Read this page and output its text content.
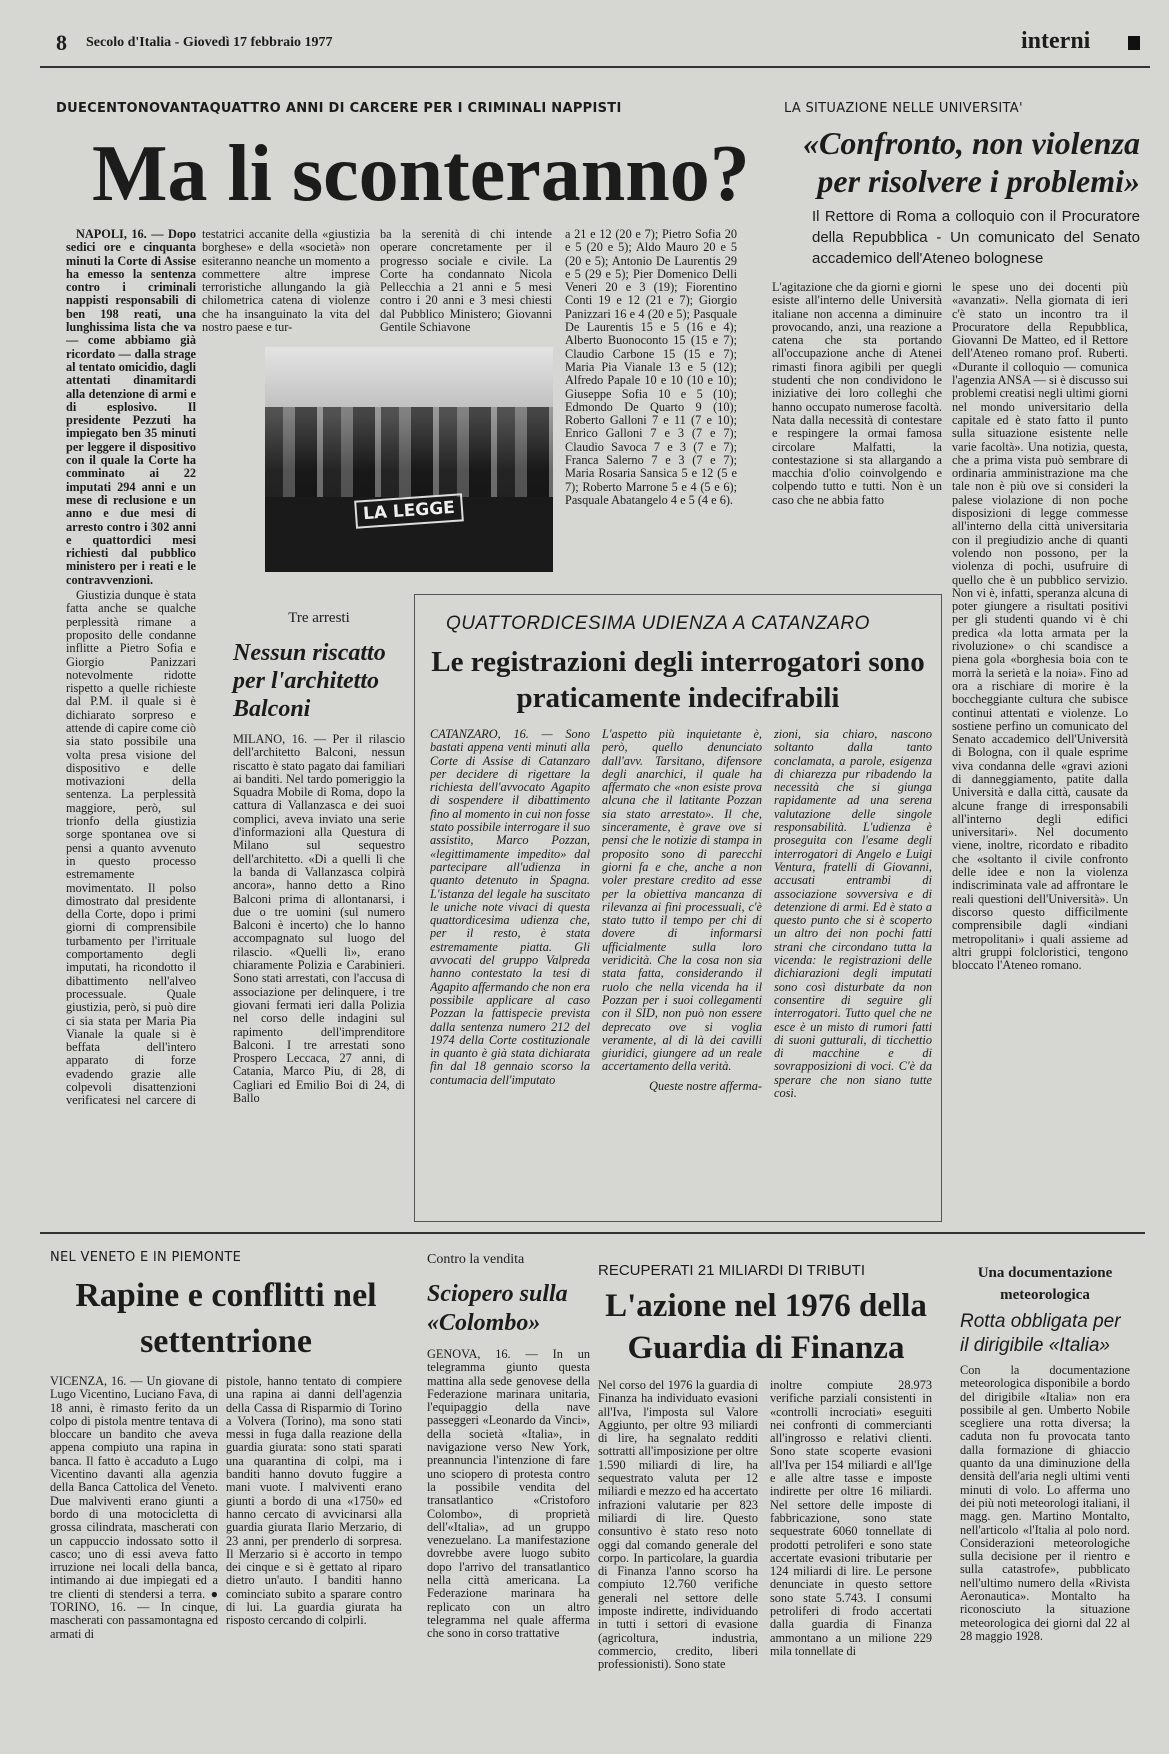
8 Secolo d'Italia - Giovedì 17 febbraio 1977	interni
DUECENTONOVANTAQUATTRO ANNI DI CARCERE PER I CRIMINALI NAPPISTI
Ma li sconteranno?

NAPOLI, 16. — Dopo sedici ore e cinquanta minuti la Corte di Assise ha emesso la sentenza contro i criminali nappisti responsabili di ben 198 reati, una lunghissima lista che va — come abbiamo già ricordato — dalla strage al tentato omicidio, dagli attentati dinamitardi alla detenzione di armi e di esplosivo. Il presidente Pezzuti ha impiegato ben 35 minuti per leggere il dispositivo con il quale la Corte ha comminato ai 22 imputati 294 anni e un mese di reclusione e un anno e due mesi di arresto contro i 302 anni e quattordici mesi richiesti dal pubblico ministero per i reati e le contravvenzioni.

Giustizia dunque è stata fatta anche se qualche perplessità rimane a proposito delle condanne inflitte a Pietro Sofia e Giorgio Panizzari notevolmente ridotte rispetto a quelle richieste dal P.M. il quale si è dichiarato sorpreso e attende di capire come ciò sia stato possibile una volta presa visione del dispositivo e delle motivazioni della sentenza. La perplessità maggiore, però, sul trionfo della giustizia sorge spontanea ove si pensi a quanto avvenuto in questo processo estremamente movimentato. Il polso dimostrato dal presidente della Corte, dopo i primi giorni di comprensibile turbamento per l'irrituale comportamento degli imputati, ha ricondotto il dibattimento nell'alveo processuale. Quale giustizia, però, si può dire ci sia stata per Maria Pia Vianale la quale si è beffata dell'intero apparato di forze evadendo grazie alle colpevoli disattenzioni verificatesi nel carcere di

testatrici accanite della «giustizia borghese» e della «società» non esiteranno neanche un momento a commettere altre imprese terroristiche allungando la già chilometrica catena di violenze che ha insanguinato la vita del nostro paese e tur-
ba la serenità di chi intende operare concretamente per il progresso sociale e civile. La Corte ha condannato Nicola Pellecchia a 21 anni e 5 mesi contro i 20 anni e 3 mesi chiesti dal Pubblico Ministero; Giovanni Gentile Schiavone
a 21 e 12 (20 e 7); Pietro Sofia 20 e 5 (20 e 5); Aldo Mauro 20 e 5 (20 e 5); Antonio De Laurentis 29 e 5 (29 e 5); Pier Domenico Delli Veneri 20 e 3 (19); Fiorentino Conti 19 e 12 (21 e 7); Giorgio Panizzari 16 e 4 (20 e 5); Pasquale De Laurentis 15 e 5 (16 e 4); Alberto Buonoconto 15 (15 e 7); Claudio Carbone 15 (15 e 7); Maria Pia Vianale 13 e 5 (12); Alfredo Papale 10 e 10 (10 e 10); Giuseppe Sofia 10 e 5 (10); Edmondo De Quarto 9 (10); Roberto Galloni 7 e 11 (7 e 10); Enrico Galloni 7 e 3 (7 e 7); Claudio Savoca 7 e 3 (7 e 7); Franca Salerno 7 e 3 (7 e 7); Maria Rosaria Sansica 5 e 12 (5 e 7); Roberto Marrone 5 e 4 (5 e 6); Pasquale Abatangelo 4 e 5 (4 e 6).
LA LEGGE
LA SITUAZIONE NELLE UNIVERSITA'
«Confronto, non violenza per risolvere i problemi»
Il Rettore di Roma a colloquio con il Procuratore della Repubblica - Un comunicato del Senato accademico dell'Ateneo bolognese
L'agitazione che da giorni e giorni esiste all'interno delle Università italiane non accenna a diminuire provocando, anzi, una reazione a catena che sta portando all'occupazione anche di Atenei rimasti finora agibili per quegli studenti che non condividono le iniziative dei loro colleghi che hanno occupato numerose facoltà. Nata dalla necessità di contestare e respingere la ormai famosa circolare Malfatti, la contestazione si sta allargando a macchia d'olio coinvolgendo e colpendo tutto e tutti. Non è un caso che ne abbia fatto
le spese uno dei docenti più «avanzati». Nella giornata di ieri c'è stato un incontro tra il Procuratore della Repubblica, Giovanni De Matteo, ed il Rettore dell'Ateneo romano prof. Ruberti. «Durante il colloquio — comunica l'agenzia ANSA — si è discusso sui problemi creatisi negli ultimi giorni nel mondo universitario della capitale ed è stato fatto il punto sulla situazione esistente nelle varie facoltà». Una notizia, questa, che a prima vista può sembrare di ordinaria amministrazione ma che tale non è più ove si consideri la palese violazione di non poche disposizioni di legge commesse all'interno della città universitaria con il pregiudizio anche di quanti volendo non possono, per la violenza di pochi, usufruire di quello che è un pubblico servizio. Non vi è, infatti, speranza alcuna di poter giungere a risultati positivi per gli studenti quando vi è chi predica «la lotta armata per la rivoluzione» o chi scandisce a piena gola «borghesia boia con te morrà la serietà e la noia». Fino ad ora a rischiare di morire è la boccheggiante cultura che subisce continui attentati e violenze. Lo sostiene perfino un comunicato del Senato accademico dell'Università di Bologna, con il quale esprime viva condanna delle «gravi azioni di danneggiamento, patite dalla Università e dalla città, causate da alcune frange di irresponsabili all'interno degli edifici universitari». Nel documento viene, inoltre, ricordato e ribadito che «soltanto il civile confronto delle idee e non la violenza indiscriminata vale ad affrontare le reali questioni dell'Università». Un discorso questo difficilmente comprensibile dagli «indiani metropolitani» i quali assieme ad altri gruppi folcloristici, tengono bloccato l'Ateneo romano.
Tre arresti
Nessun riscatto per l'architetto Balconi
MILANO, 16. — Per il rilascio dell'architetto Balconi, nessun riscatto è stato pagato dai familiari ai banditi. Nel tardo pomeriggio la Squadra Mobile di Roma, dopo la cattura di Vallanzasca e dei suoi complici, aveva inviato una serie d'informazioni alla Questura di Milano sul sequestro dell'architetto. «Di a quelli lì che la banda di Vallanzasca colpirà ancora», hanno detto a Rino Balconi prima di allontanarsi, i due o tre uomini (sul numero Balconi è incerto) che lo hanno accompagnato sul luogo del rilascio. «Quelli lì», erano chiaramente Polizia e Carabinieri. Sono stati arrestati, con l'accusa di associazione per delinquere, i tre giovani fermati ieri dalla Polizia nel corso delle indagini sul rapimento dell'imprenditore Balconi. I tre arrestati sono Prospero Leccaca, 27 anni, di Catania, Marco Piu, di 28, di Cagliari ed Emilio Boi di 24, di Ballo
QUATTORDICESIMA UDIENZA A CATANZARO
Le registrazioni degli interrogatori sono praticamente indecifrabili
CATANZARO, 16. — Sono bastati appena venti minuti alla Corte di Assise di Catanzaro per decidere di rigettare la richiesta dell'avvocato Agapito di sospendere il dibattimento fino al momento in cui non fosse stato possibile interrogare il suo assistito, Marco Pozzan, «legittimamente impedito» dal partecipare all'udienza in quanto detenuto in Spagna. L'istanza del legale ha suscitato le uniche note vivaci di questa quattordicesima udienza che, per il resto, è stata estremamente piatta. Gli avvocati del gruppo Valpreda hanno contestato la tesi di Agapito affermando che non era possibile applicare al caso Pozzan la fattispecie prevista dalla sentenza numero 212 del 1974 della Corte costituzionale in quanto è già stata dichiarata fin dal 18 gennaio scorso la contumacia dell'imputato
L'aspetto più inquietante è, però, quello denunciato dall'avv. Tarsitano, difensore degli anarchici, il quale ha affermato che «non esiste prova alcuna che il latitante Pozzan sia stato arrestato». Il che, sinceramente, è grave ove si pensi che le notizie di stampa in proposito sono di parecchi giorni fa e che, anche a non voler prestare credito ad esse per la obiettiva mancanza di rilevanza ai fini processuali, c'è stato tutto il tempo per chi di dovere di informarsi ufficialmente sulla loro veridicità. Che la cosa non sia stata fatta, considerando il ruolo che nella vicenda ha il Pozzan per i suoi collegamenti con il SID, non può non essere deprecato ove si voglia veramente, al di là dei cavilli giuridici, giungere ad un reale accertamento della verità.

Queste nostre afferma-

zioni, sia chiaro, nascono soltanto dalla tanto conclamata, a parole, esigenza di chiarezza pur ribadendo la necessità che si giunga rapidamente ad una serena valutazione delle singole responsabilità. L'udienza è proseguita con l'esame degli interrogatori di Angelo e Luigi Ventura, fratelli di Giovanni, accusati entrambi di associazione sovversiva e di detenzione di armi. Ed è stato a questo punto che si è scoperto un altro dei non pochi fatti strani che circondano tutta la vicenda: le registrazioni delle dichiarazioni degli imputati sono così disturbate da non consentire di seguire gli interrogatori. Tutto quel che ne esce è un misto di rumori fatti di suoni gutturali, di ticchettio di macchine e di sovrapposizioni di voci. C'è da sperare che non siano tutte così.
NEL VENETO E IN PIEMONTE
Rapine e conflitti nel settentrione
VICENZA, 16. — Un giovane di Lugo Vicentino, Luciano Fava, di 18 anni, è rimasto ferito da un colpo di pistola mentre tentava di bloccare un bandito che aveva appena compiuto una rapina in banca. Il fatto è accaduto a Lugo Vicentino davanti alla agenzia della Banca Cattolica del Veneto. Due malviventi erano giunti a bordo di una motocicletta di grossa cilindrata, mascherati con un cappuccio indossato sotto il casco; uno di essi aveva fatto irruzione nei locali della banca, intimando ai due impiegati ed a tre clienti di stendersi a terra. ● TORINO, 16. — In cinque, mascherati con passamontagna ed armati di
pistole, hanno tentato di compiere una rapina ai danni dell'agenzia della Cassa di Risparmio di Torino a Volvera (Torino), ma sono stati messi in fuga dalla reazione della guardia giurata: sono stati sparati una quarantina di colpi, ma i banditi hanno dovuto fuggire a mani vuote. I malviventi erano giunti a bordo di una «1750» ed hanno cercato di avvicinarsi alla guardia giurata Ilario Merzario, di 23 anni, per prenderlo di sorpresa. Il Merzario si è accorto in tempo dei cinque e si è gettato al riparo dietro un'auto. I banditi hanno cominciato subito a sparare contro di lui. La guardia giurata ha risposto cercando di colpirli.
Contro la vendita
Sciopero sulla «Colombo»
GENOVA, 16. — In un telegramma giunto questa mattina alla sede genovese della Federazione marinara unitaria, l'equipaggio della nave passeggeri «Leonardo da Vinci», della società «Italia», in navigazione verso New York, preannuncia l'intenzione di fare uno sciopero di protesta contro la possibile vendita del transatlantico «Cristoforo Colombo», di proprietà dell'«Italia», ad un gruppo venezuelano. La manifestazione dovrebbe avere luogo subito dopo l'arrivo del transatlantico nella città americana. La Federazione marinara ha replicato con un altro telegramma nel quale afferma che sono in corso trattative
RECUPERATI 21 MILIARDI DI TRIBUTI
L'azione nel 1976 della Guardia di Finanza
Nel corso del 1976 la guardia di Finanza ha individuato evasioni all'Iva, l'imposta sul Valore Aggiunto, per oltre 93 miliardi di lire, ha segnalato redditi sottratti all'imposizione per oltre 1.590 miliardi di lire, ha sequestrato valuta per 12 miliardi e mezzo ed ha accertato infrazioni valutarie per 823 miliardi di lire. Questo consuntivo è stato reso noto oggi dal comando generale del corpo. In particolare, la guardia di Finanza l'anno scorso ha compiuto 12.760 verifiche generali nel settore delle imposte indirette, individuando in tutti i settori di evasione (agricoltura, industria, commercio, credito, liberi professionisti). Sono state
inoltre compiute 28.973 verifiche parziali consistenti in «controlli incrociati» eseguiti nei confronti di commercianti all'ingrosso e relativi clienti. Sono state scoperte evasioni all'Iva per 154 miliardi e all'Ige e alle altre tasse e imposte indirette per oltre 16 miliardi. Nel settore delle imposte di fabbricazione, sono state sequestrate 6060 tonnellate di prodotti petroliferi e sono state accertate evasioni tributarie per 124 miliardi di lire. Le persone denunciate in questo settore sono state 5.743. I consumi petroliferi di frodo accertati dalla guardia di Finanza ammontano a un milione 229 mila tonnellate di
Una documentazione meteorologica
Rotta obbligata per il dirigibile «Italia»
Con la documentazione meteorologica disponibile a bordo del dirigibile «Italia» non era possibile al gen. Umberto Nobile scegliere una rotta diversa; la caduta non fu provocata tanto dalla formazione di ghiaccio quanto da una diminuzione della densità dell'aria negli ultimi venti minuti di volo. Lo afferma uno dei più noti meteorologi italiani, il magg. gen. Martino Montalto, nell'articolo «l'Italia al polo nord. Considerazioni meteorologiche sulla decisione per il rientro e sulla catastrofe», pubblicato nell'ultimo numero della «Rivista Aeronautica». Montalto ha riconosciuto la situazione meteorologica dei giorni dal 22 al 28 maggio 1928.
